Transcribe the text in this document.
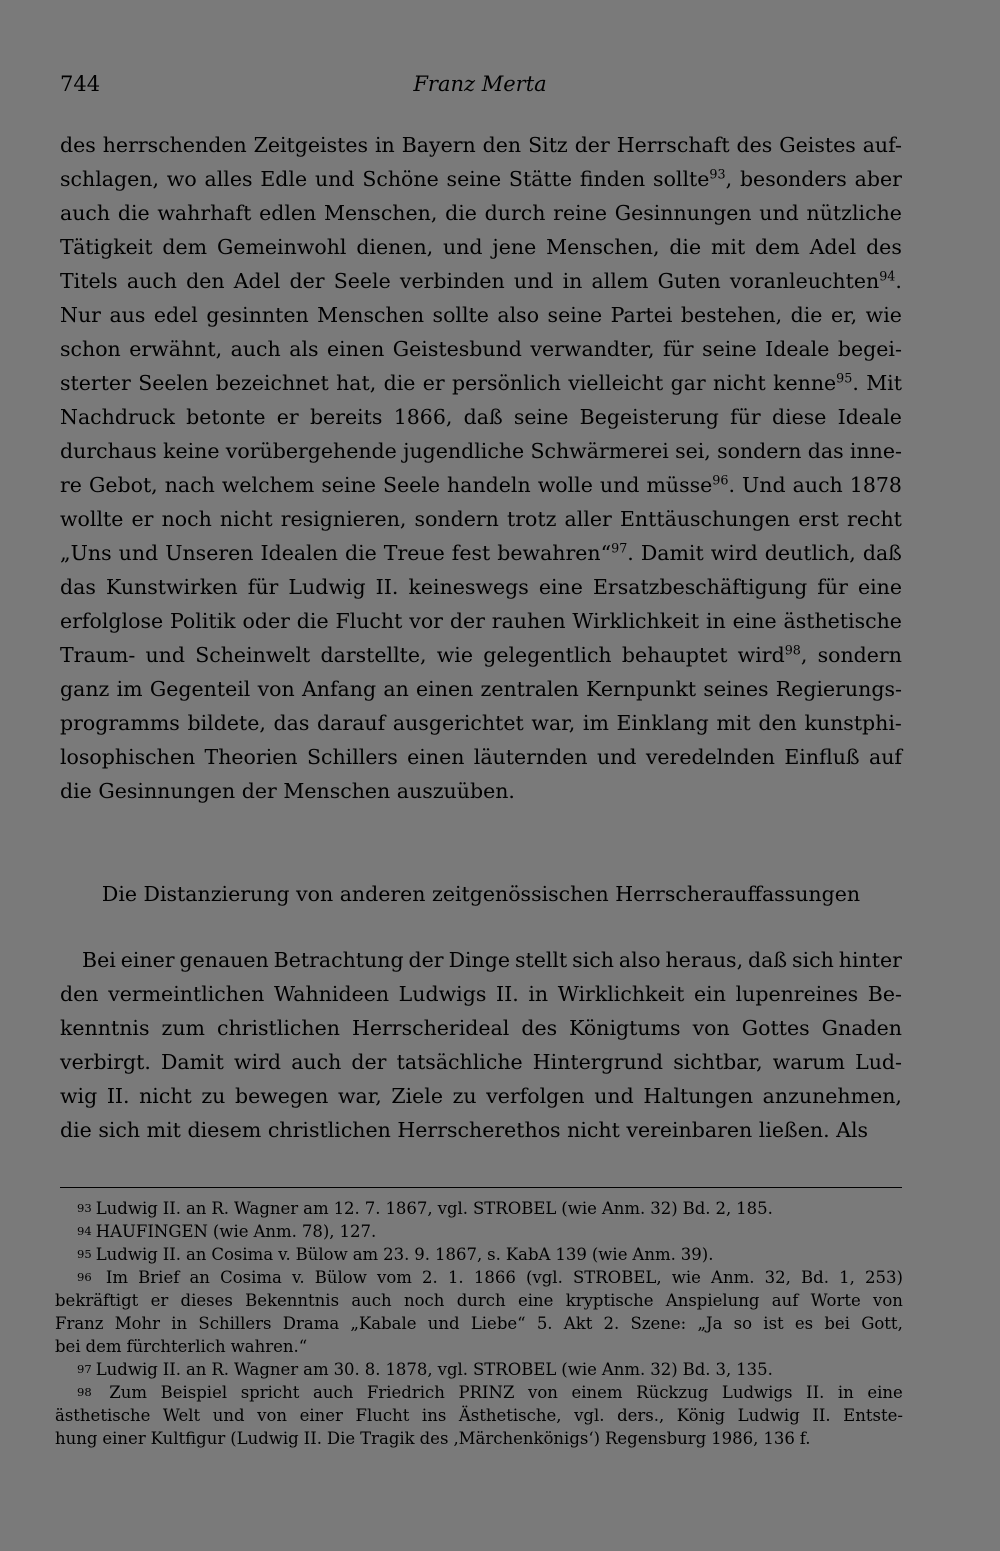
744	Franz Merta
des herrschenden Zeitgeistes in Bayern den Sitz der Herrschaft des Geistes auf-
schlagen, wo alles Edle und Schöne seine Stätte finden sollte$^{93}$, besonders aber
auch die wahrhaft edlen Menschen, die durch reine Gesinnungen und nützliche
Tätigkeit dem Gemeinwohl dienen, und jene Menschen, die mit dem Adel des
Titels auch den Adel der Seele verbinden und in allem Guten voranleuchten$^{94}$.
Nur aus edel gesinnten Menschen sollte also seine Partei bestehen, die er, wie
schon erwähnt, auch als einen Geistesbund verwandter, für seine Ideale begei-
sterter Seelen bezeichnet hat, die er persönlich vielleicht gar nicht kenne$^{95}$. Mit
Nachdruck betonte er bereits 1866, daß seine Begeisterung für diese Ideale
durchaus keine vorübergehende jugendliche Schwärmerei sei, sondern das inne-
re Gebot, nach welchem seine Seele handeln wolle und müsse$^{96}$. Und auch 1878
wollte er noch nicht resignieren, sondern trotz aller Enttäuschungen erst recht
„Uns und Unseren Idealen die Treue fest bewahren“$^{97}$. Damit wird deutlich, daß
das Kunstwirken für Ludwig II. keineswegs eine Ersatzbeschäftigung für eine
erfolglose Politik oder die Flucht vor der rauhen Wirklichkeit in eine ästhetische
Traum- und Scheinwelt darstellte, wie gelegentlich behauptet wird$^{98}$, sondern
ganz im Gegenteil von Anfang an einen zentralen Kernpunkt seines Regierungs-
programms bildete, das darauf ausgerichtet war, im Einklang mit den kunstphi-
losophischen Theorien Schillers einen läuternden und veredelnden Einfluß auf
die Gesinnungen der Menschen auszuüben.
Die Distanzierung von anderen zeitgenössischen Herrscherauffassungen
Bei einer genauen Betrachtung der Dinge stellt sich also heraus, daß sich hinter
den vermeintlichen Wahnideen Ludwigs II. in Wirklichkeit ein lupenreines Be-
kenntnis zum christlichen Herrscherideal des Königtums von Gottes Gnaden
verbirgt. Damit wird auch der tatsächliche Hintergrund sichtbar, warum Lud-
wig II. nicht zu bewegen war, Ziele zu verfolgen und Haltungen anzunehmen,
die sich mit diesem christlichen Herrscherethos nicht vereinbaren ließen. Als
93 Ludwig II. an R. Wagner am 12. 7. 1867, vgl. STROBEL (wie Anm. 32) Bd. 2, 185.
94 HAUFINGEN (wie Anm. 78), 127.
95 Ludwig II. an Cosima v. Bülow am 23. 9. 1867, s. KabA 139 (wie Anm. 39).
96 Im Brief an Cosima v. Bülow vom 2. 1. 1866 (vgl. STROBEL, wie Anm. 32, Bd. 1, 253)
bekräftigt er dieses Bekenntnis auch noch durch eine kryptische Anspielung auf Worte von
Franz Mohr in Schillers Drama „Kabale und Liebe“ 5. Akt 2. Szene: „Ja so ist es bei Gott,
bei dem fürchterlich wahren.“
97 Ludwig II. an R. Wagner am 30. 8. 1878, vgl. STROBEL (wie Anm. 32) Bd. 3, 135.
98 Zum Beispiel spricht auch Friedrich PRINZ von einem Rückzug Ludwigs II. in eine
ästhetische Welt und von einer Flucht ins Ästhetische, vgl. ders., König Ludwig II. Entste-
hung einer Kultfigur (Ludwig II. Die Tragik des ‚Märchenkönigs‘) Regensburg 1986, 136 f.
